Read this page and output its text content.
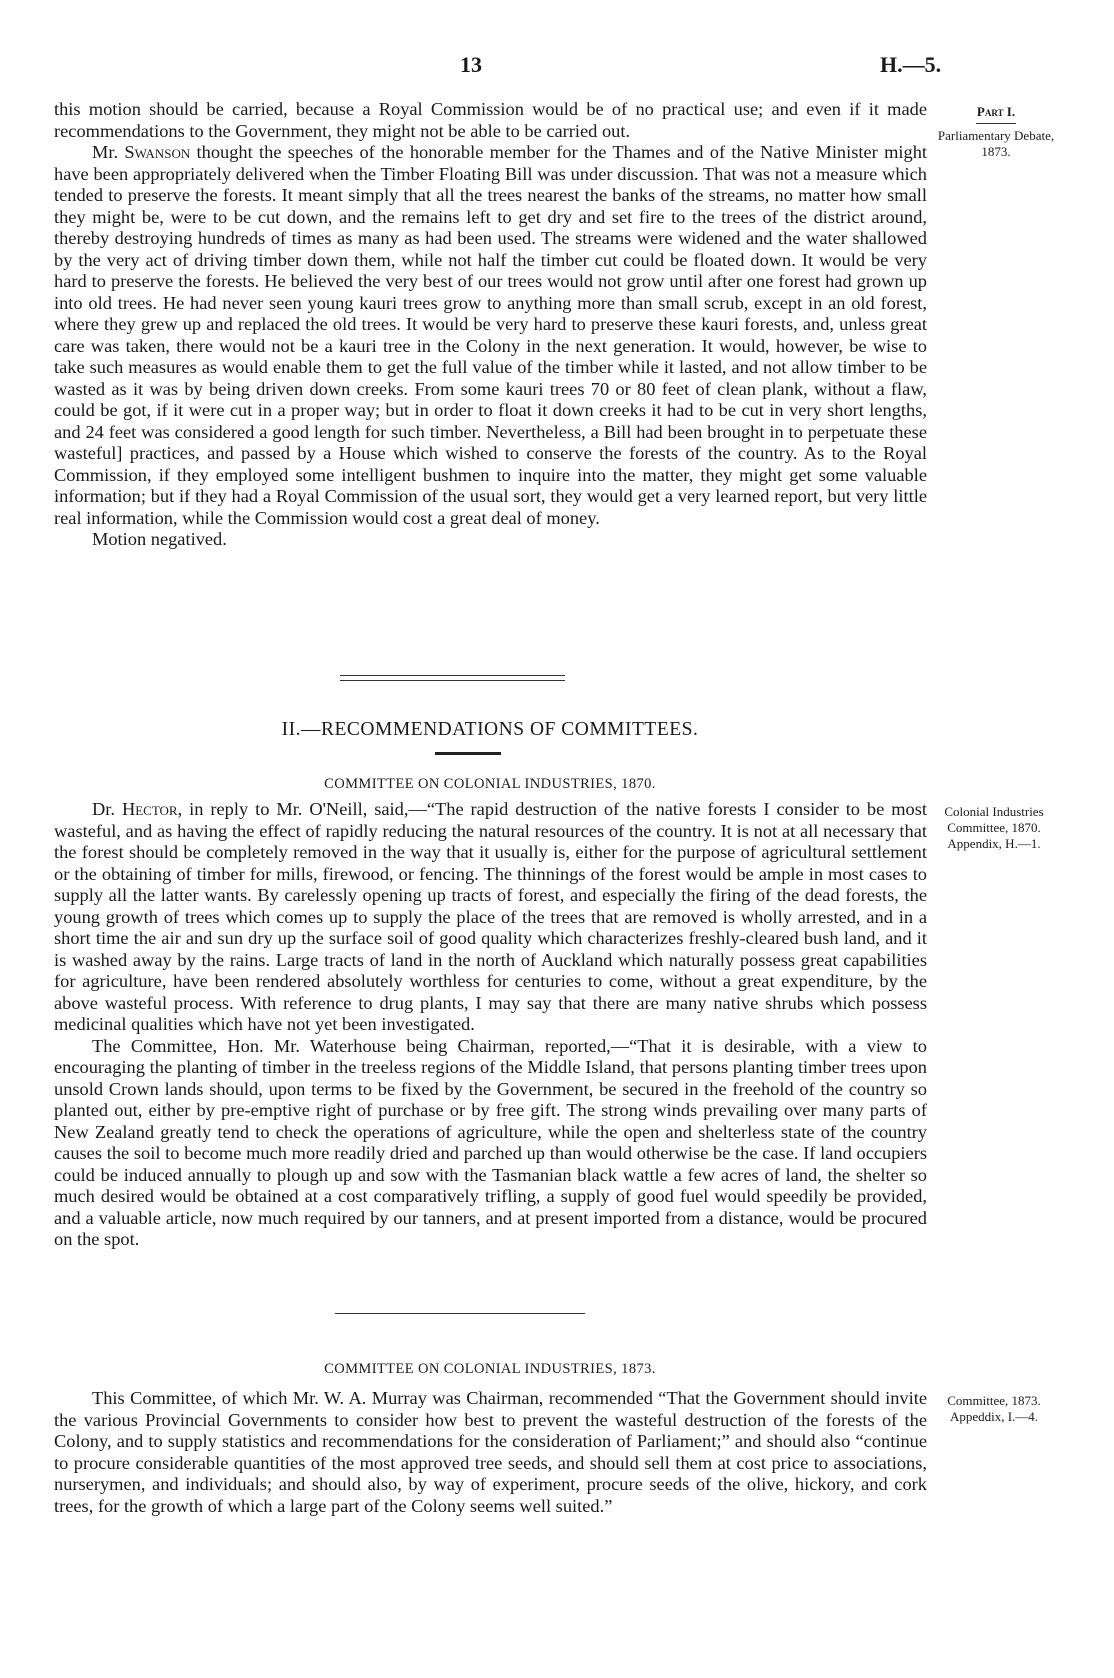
13	H.—5.

this motion should be carried, because a Royal Commission would be of no practical use; and even if it made recommendations to the Government, they might not be able to be carried out.

Mr. Swanson thought the speeches of the honorable member for the Thames and of the Native Minister might have been appropriately delivered when the Timber Floating Bill was under discussion. That was not a measure which tended to preserve the forests. It meant simply that all the trees nearest the banks of the streams, no matter how small they might be, were to be cut down, and the remains left to get dry and set fire to the trees of the district around, thereby destroying hundreds of times as many as had been used. The streams were widened and the water shallowed by the very act of driving timber down them, while not half the timber cut could be floated down. It would be very hard to preserve the forests. He believed the very best of our trees would not grow until after one forest had grown up into old trees. He had never seen young kauri trees grow to anything more than small scrub, except in an old forest, where they grew up and replaced the old trees. It would be very hard to preserve these kauri forests, and, unless great care was taken, there would not be a kauri tree in the Colony in the next generation. It would, however, be wise to take such measures as would enable them to get the full value of the timber while it lasted, and not allow timber to be wasted as it was by being driven down creeks. From some kauri trees 70 or 80 feet of clean plank, without a flaw, could be got, if it were cut in a proper way; but in order to float it down creeks it had to be cut in very short lengths, and 24 feet was considered a good length for such timber. Nevertheless, a Bill had been brought in to perpetuate these wasteful] practices, and passed by a House which wished to conserve the forests of the country. As to the Royal Commission, if they employed some intelligent bushmen to inquire into the matter, they might get some valuable information; but if they had a Royal Commission of the usual sort, they would get a very learned report, but very little real information, while the Commission would cost a great deal of money.

Motion negatived.

Part I.
Parliamentary Debate, 1873.
II.—RECOMMENDATIONS OF COMMITTEES.
COMMITTEE ON COLONIAL INDUSTRIES, 1870.

Dr. Hector, in reply to Mr. O'Neill, said,—“The rapid destruction of the native forests I consider to be most wasteful, and as having the effect of rapidly reducing the natural resources of the country. It is not at all necessary that the forest should be completely removed in the way that it usually is, either for the purpose of agricultural settlement or the obtaining of timber for mills, firewood, or fencing. The thinnings of the forest would be ample in most cases to supply all the latter wants. By carelessly opening up tracts of forest, and especially the firing of the dead forests, the young growth of trees which comes up to supply the place of the trees that are removed is wholly arrested, and in a short time the air and sun dry up the surface soil of good quality which characterizes freshly-cleared bush land, and it is washed away by the rains. Large tracts of land in the north of Auckland which naturally possess great capabilities for agriculture, have been rendered absolutely worthless for centuries to come, without a great expenditure, by the above wasteful process. With reference to drug plants, I may say that there are many native shrubs which possess medicinal qualities which have not yet been investigated.

The Committee, Hon. Mr. Waterhouse being Chairman, reported,—“That it is desirable, with a view to encouraging the planting of timber in the treeless regions of the Middle Island, that persons planting timber trees upon unsold Crown lands should, upon terms to be fixed by the Government, be secured in the freehold of the country so planted out, either by pre-emptive right of purchase or by free gift. The strong winds prevailing over many parts of New Zealand greatly tend to check the operations of agriculture, while the open and shelterless state of the country causes the soil to become much more readily dried and parched up than would otherwise be the case. If land occupiers could be induced annually to plough up and sow with the Tasmanian black wattle a few acres of land, the shelter so much desired would be obtained at a cost comparatively trifling, a supply of good fuel would speedily be provided, and a valuable article, now much required by our tanners, and at present imported from a distance, would be procured on the spot.

Colonial Industries Committee, 1870. Appendix, H.—1.
COMMITTEE ON COLONIAL INDUSTRIES, 1873.

This Committee, of which Mr. W. A. Murray was Chairman, recommended “That the Government should invite the various Provincial Governments to consider how best to prevent the wasteful destruction of the forests of the Colony, and to supply statistics and recommendations for the consideration of Parliament;” and should also “continue to procure considerable quantities of the most approved tree seeds, and should sell them at cost price to associations, nurserymen, and individuals; and should also, by way of experiment, procure seeds of the olive, hickory, and cork trees, for the growth of which a large part of the Colony seems well suited.”

Committee, 1873. Appeddix, I.—4.
